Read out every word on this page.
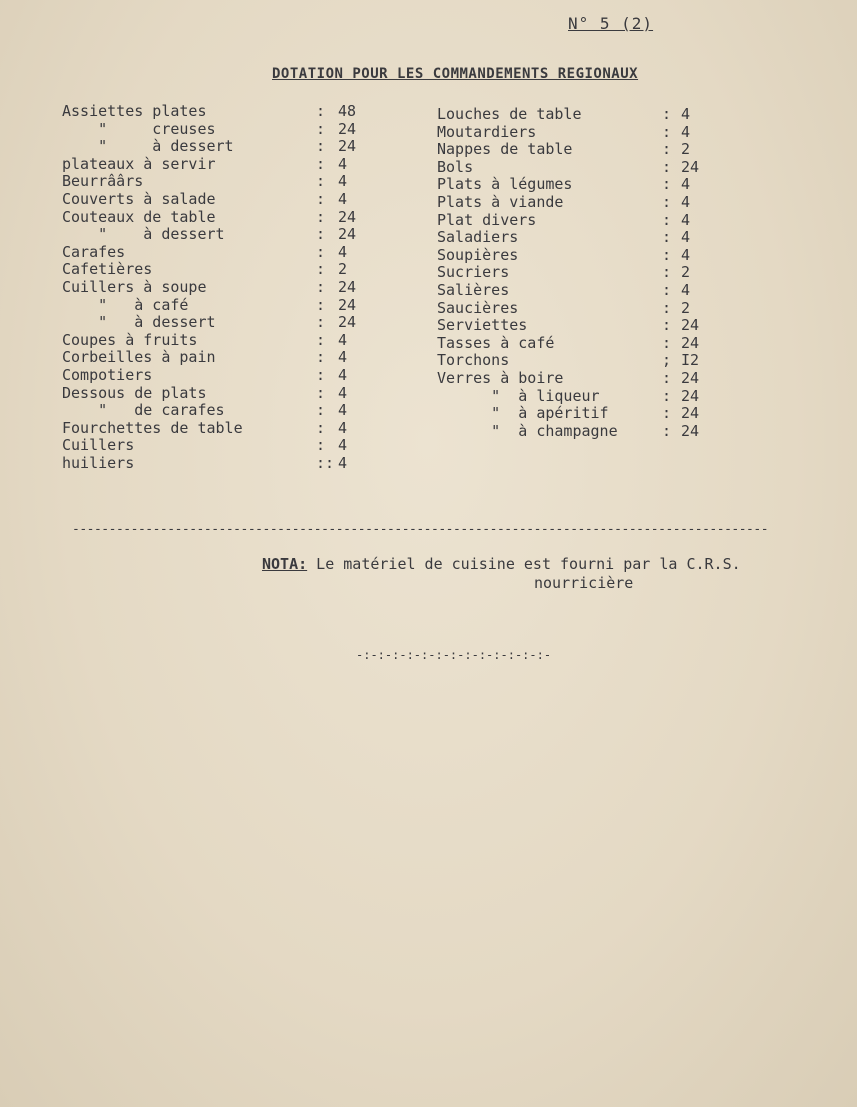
N° 5 (2)
DOTATION POUR LES COMMANDEMENTS REGIONAUX
Assiettes plates	: 48
"     creuses	: 24
"     à dessert	: 24
plateaux à servir	: 4
Beurrâârs	: 4
Couverts à salade	: 4
Couteaux de table	: 24
"    à dessert	: 24
Carafes	: 4
Cafetières	: 2
Cuillers à soupe	: 24
"   à café	: 24
"   à dessert	: 24
Coupes à fruits	: 4
Corbeilles à pain	: 4
Compotiers	: 4
Dessous de plats	: 4
"   de carafes	: 4
Fourchettes de table	: 4
Cuillers	: 4
huiliers	:: 4
Louches de table	: 4
Moutardiers	: 4
Nappes de table	: 2
Bols	: 24
Plats à légumes	: 4
Plats à viande	: 4
Plat divers	: 4
Saladiers	: 4
Soupières	: 4
Sucriers	: 2
Salières	: 4
Saucières	: 2
Serviettes	: 24
Tasses à café	: 24
Torchons	; I2
Verres à boire	: 24
"  à liqueur	: 24
"  à apéritif	: 24
"  à champagne	: 24
-----------------------------------------------------------------------------------------------
NOTA: Le matériel de cuisine est fourni par la C.R.S.
nourricière
-:-:-:-:-:-:-:-:-:-:-:-:-:-
